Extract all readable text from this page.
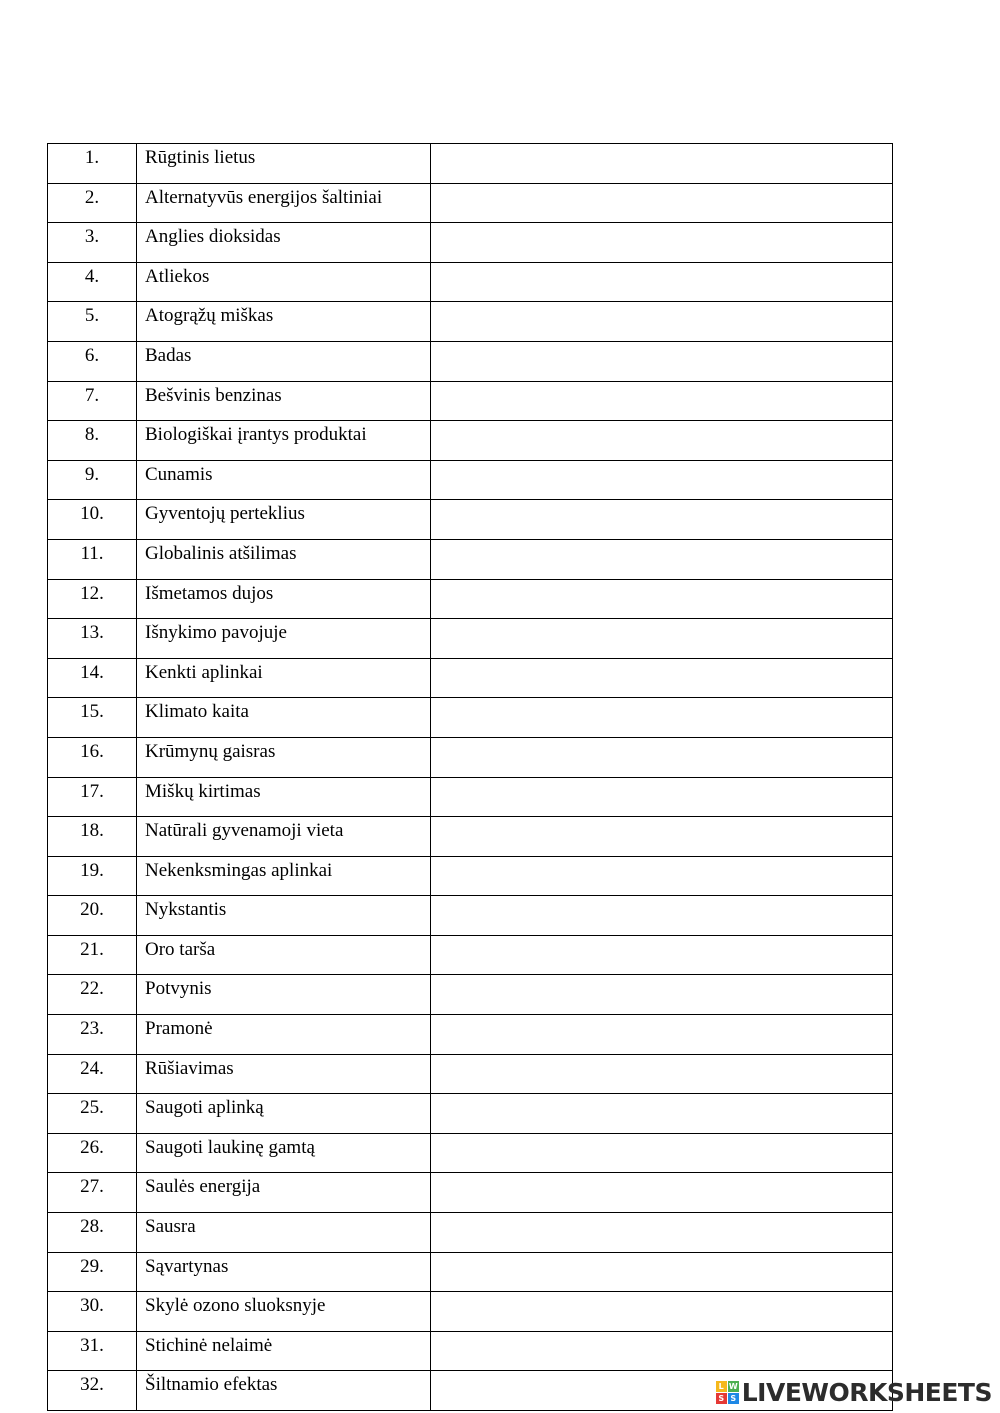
1.	Rūgtinis lietus	
2.	Alternatyvūs energijos šaltiniai	
3.	Anglies dioksidas	
4.	Atliekos	
5.	Atogrąžų miškas	
6.	Badas	
7.	Bešvinis benzinas	
8.	Biologiškai įrantys produktai	
9.	Cunamis	
10.	Gyventojų perteklius	
11.	Globalinis atšilimas	
12.	Išmetamos dujos	
13.	Išnykimo pavojuje	
14.	Kenkti aplinkai	
15.	Klimato kaita	
16.	Krūmynų gaisras	
17.	Miškų kirtimas	
18.	Natūrali gyvenamoji vieta	
19.	Nekenksmingas aplinkai	
20.	Nykstantis	
21.	Oro tarša	
22.	Potvynis	
23.	Pramonė	
24.	Rūšiavimas	
25.	Saugoti aplinką	
26.	Saugoti laukinę gamtą	
27.	Saulės energija	
28.	Sausra	
29.	Sąvartynas	
30.	Skylė ozono sluoksnyje	
31.	Stichinė nelaimė	
32.	Šiltnamio efektas		L W
S S LIVEWORKSHEETS
